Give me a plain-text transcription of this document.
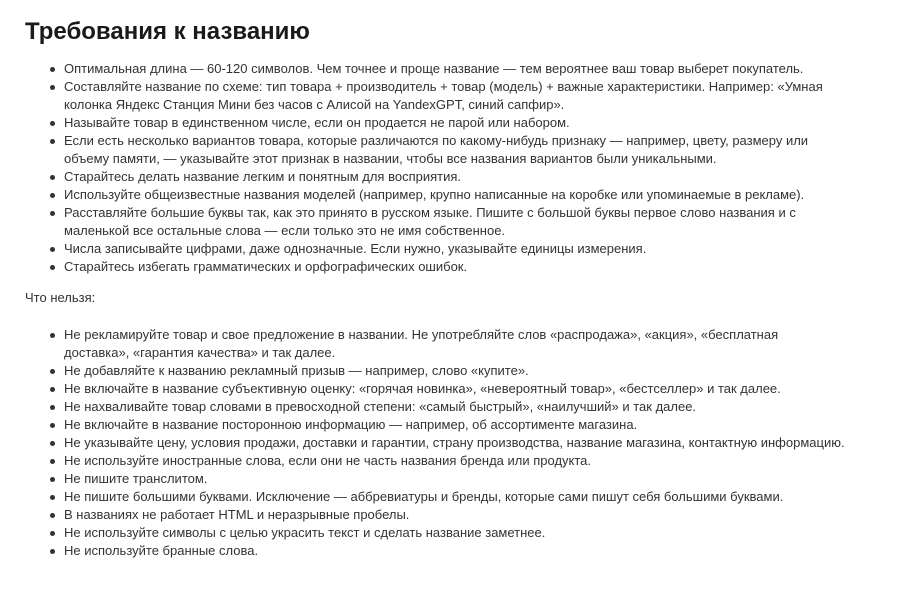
Требования к названию
Оптимальная длина — 60-120 символов. Чем точнее и проще название — тем вероятнее ваш товар выберет покупатель.
Составляйте название по схеме: тип товара + производитель + товар (модель) + важные характеристики. Например: «Умная колонка Яндекс Станция Мини без часов с Алисой на YandexGPT, синий сапфир».
Называйте товар в единственном числе, если он продается не парой или набором.
Если есть несколько вариантов товара, которые различаются по какому-нибудь признаку — например, цвету, размеру или объему памяти, — указывайте этот признак в названии, чтобы все названия вариантов были уникальными.
Старайтесь делать название легким и понятным для восприятия.
Используйте общеизвестные названия моделей (например, крупно написанные на коробке или упоминаемые в рекламе).
Расставляйте большие буквы так, как это принято в русском языке. Пишите с большой буквы первое слово названия и с маленькой все остальные слова — если только это не имя собственное.
Числа записывайте цифрами, даже однозначные. Если нужно, указывайте единицы измерения.
Старайтесь избегать грамматических и орфографических ошибок.
Что нельзя:
Не рекламируйте товар и свое предложение в названии. Не употребляйте слов «распродажа», «акция», «бесплатная доставка», «гарантия качества» и так далее.
Не добавляйте к названию рекламный призыв — например, слово «купите».
Не включайте в название субъективную оценку: «горячая новинка», «невероятный товар», «бестселлер» и так далее.
Не нахваливайте товар словами в превосходной степени: «самый быстрый», «наилучший» и так далее.
Не включайте в название посторонною информацию — например, об ассортименте магазина.
Не указывайте цену, условия продажи, доставки и гарантии, страну производства, название магазина, контактную информацию.
Не используйте иностранные слова, если они не часть названия бренда или продукта.
Не пишите транслитом.
Не пишите большими буквами. Исключение — аббревиатуры и бренды, которые сами пишут себя большими буквами.
В названиях не работает HTML и неразрывные пробелы.
Не используйте символы с целью украсить текст и сделать название заметнее.
Не используйте бранные слова.
